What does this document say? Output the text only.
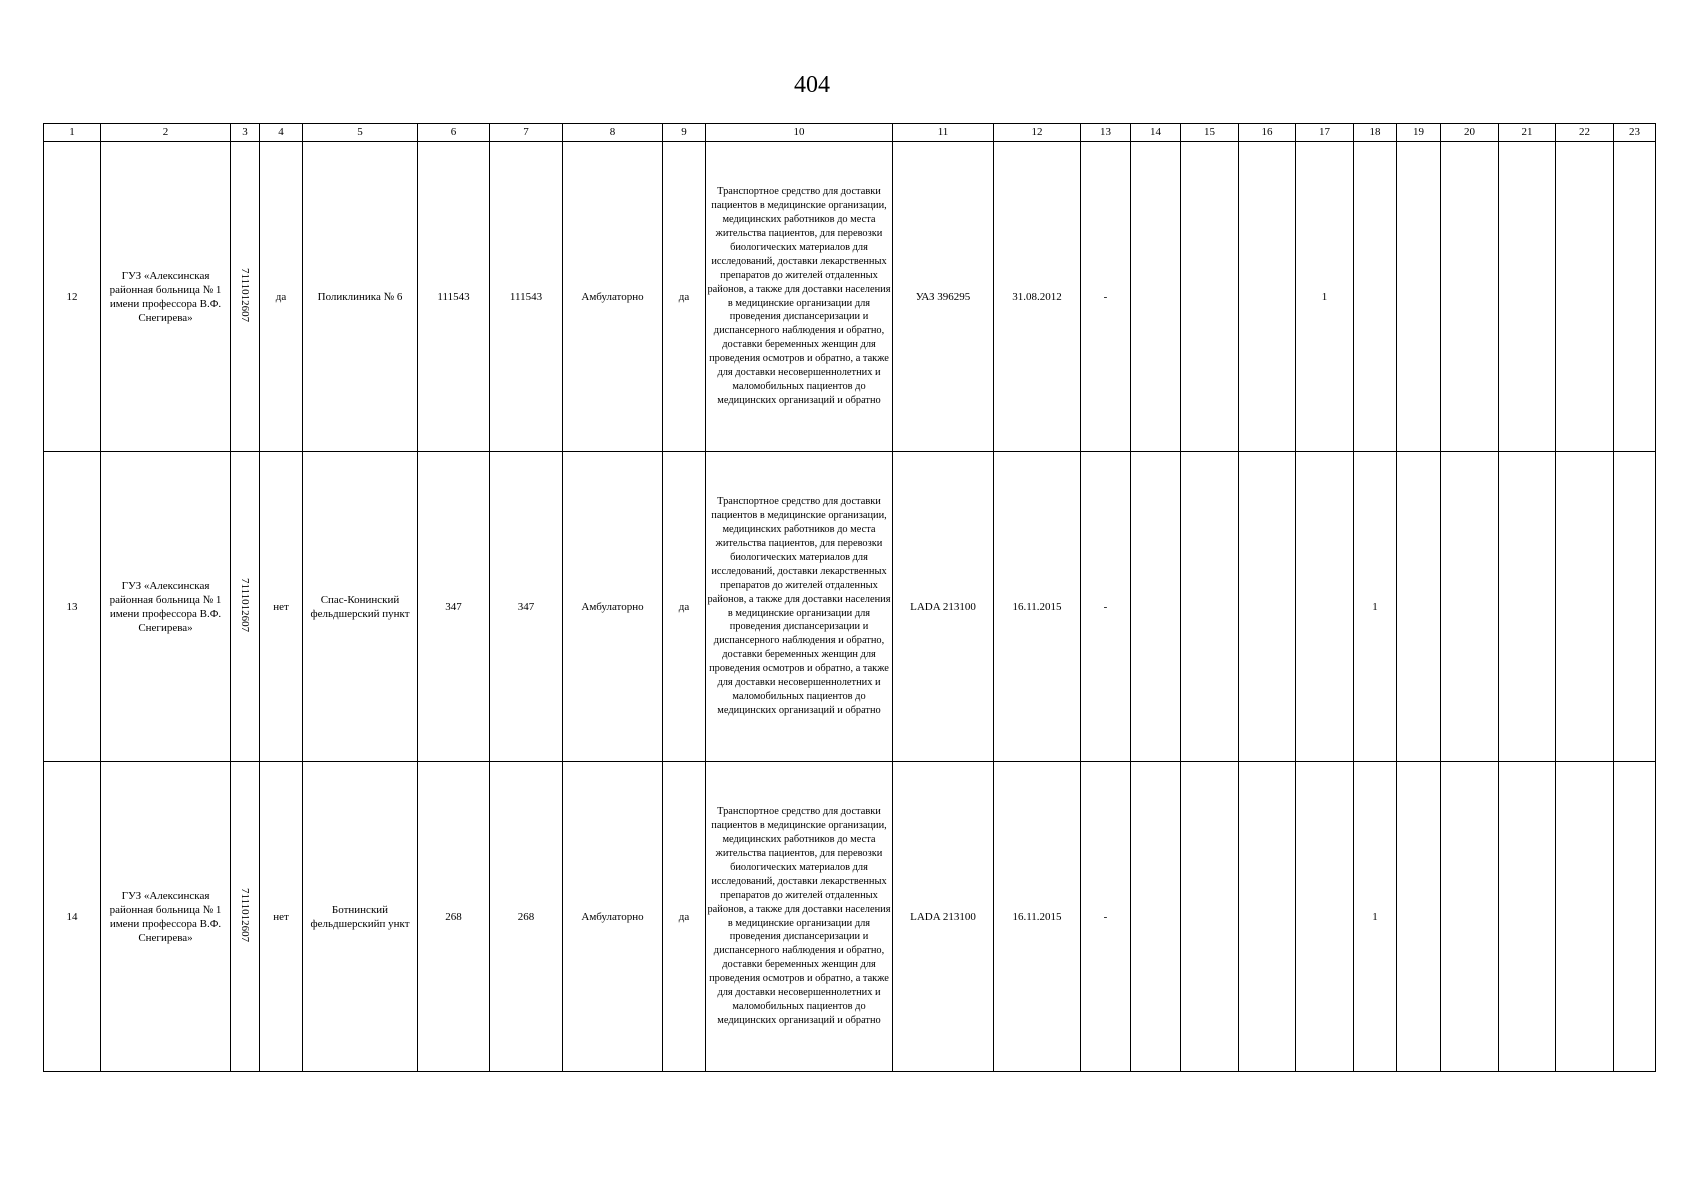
404
1	2	3	4	5	6	7	8	9	10	11	12	13	14	15	16	17	18	19	20	21	22	23
12	ГУЗ «Алексинская районная больница № 1 имени профессора В.Ф. Снегирева»	7111012607	да	Поликлиника № 6	111543	111543	Амбулаторно	да	Транспортное средство для доставки пациентов в медицинские организации, медицинских работников до места жительства пациентов, для перевозки биологических материалов для исследований, доставки лекарственных препаратов до жителей отдаленных районов, а также для доставки населения в медицинские организации для проведения диспансеризации и диспансерного наблюдения и обратно, доставки беременных женщин для проведения осмотров и обратно, а также для доставки несовершеннолетних и маломобильных пациентов до медицинских организаций и обратно	УАЗ 396295	31.08.2012	-				1						
13	ГУЗ «Алексинская районная больница № 1 имени профессора В.Ф. Снегирева»	7111012607	нет	Спас-Конинский фельдшерский пункт	347	347	Амбулаторно	да	Транспортное средство для доставки пациентов в медицинские организации, медицинских работников до места жительства пациентов, для перевозки биологических материалов для исследований, доставки лекарственных препаратов до жителей отдаленных районов, а также для доставки населения в медицинские организации для проведения диспансеризации и диспансерного наблюдения и обратно, доставки беременных женщин для проведения осмотров и обратно, а также для доставки несовершеннолетних и маломобильных пациентов до медицинских организаций и обратно	LADA 213100	16.11.2015	-					1					
14	ГУЗ «Алексинская районная больница № 1 имени профессора В.Ф. Снегирева»	7111012607	нет	Ботнинский фельдшерскийп ункт	268	268	Амбулаторно	да	Транспортное средство для доставки пациентов в медицинские организации, медицинских работников до места жительства пациентов, для перевозки биологических материалов для исследований, доставки лекарственных препаратов до жителей отдаленных районов, а также для доставки населения в медицинские организации для проведения диспансеризации и диспансерного наблюдения и обратно, доставки беременных женщин для проведения осмотров и обратно, а также для доставки несовершеннолетних и маломобильных пациентов до медицинских организаций и обратно	LADA 213100	16.11.2015	-					1					
